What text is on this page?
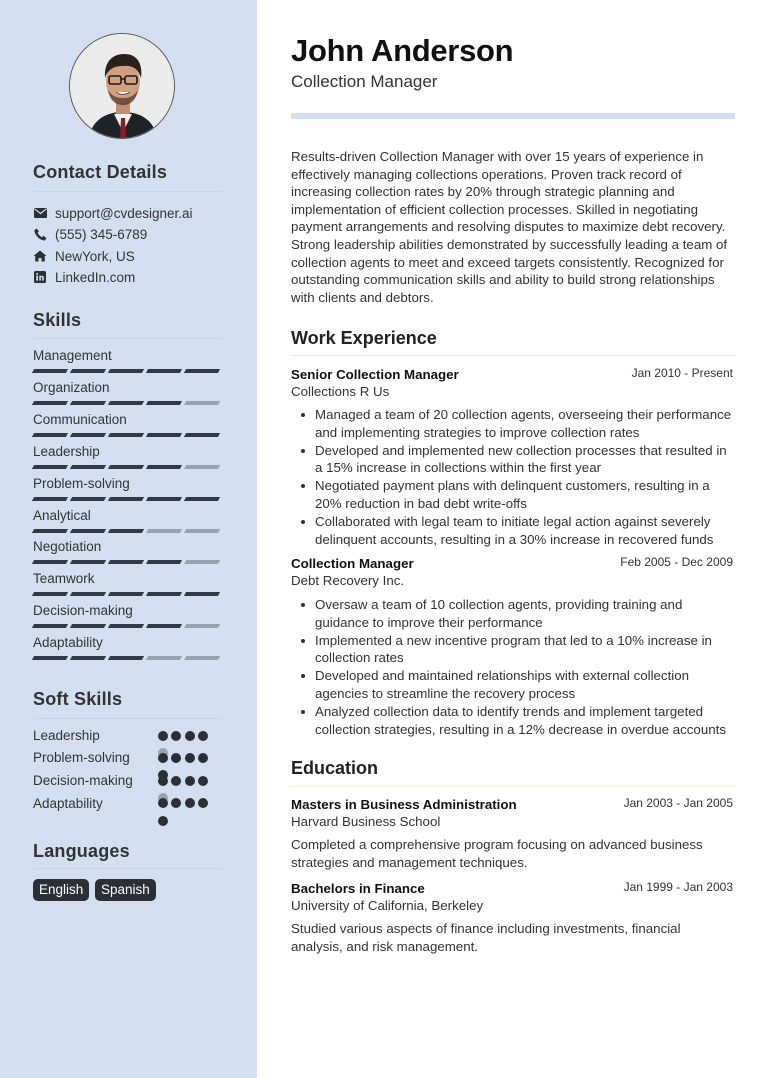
Contact Details
support@cvdesigner.ai
(555) 345-6789
NewYork, US
LinkedIn.com
Skills
Management
Organization
Communication
Leadership
Problem-solving
Analytical
Negotiation
Teamwork
Decision-making
Adaptability
Soft Skills
Leadership
Problem-solving
Decision-making
Adaptability
Languages
English	Spanish
John Anderson
Collection Manager
Results-driven Collection Manager with over 15 years of experience in effectively managing collections operations. Proven track record of increasing collection rates by 20% through strategic planning and implementation of efficient collection processes. Skilled in negotiating payment arrangements and resolving disputes to maximize debt recovery. Strong leadership abilities demonstrated by successfully leading a team of collection agents to meet and exceed targets consistently. Recognized for outstanding communication skills and ability to build strong relationships with clients and debtors.
Work Experience
Senior Collection Manager	Jan 2010 - Present
Collections R Us
Managed a team of 20 collection agents, overseeing their performance and implementing strategies to improve collection rates
Developed and implemented new collection processes that resulted in a 15% increase in collections within the first year
Negotiated payment plans with delinquent customers, resulting in a 20% reduction in bad debt write-offs
Collaborated with legal team to initiate legal action against severely delinquent accounts, resulting in a 30% increase in recovered funds
Collection Manager	Feb 2005 - Dec 2009
Debt Recovery Inc.
Oversaw a team of 10 collection agents, providing training and guidance to improve their performance
Implemented a new incentive program that led to a 10% increase in collection rates
Developed and maintained relationships with external collection agencies to streamline the recovery process
Analyzed collection data to identify trends and implement targeted collection strategies, resulting in a 12% decrease in overdue accounts
Education
Masters in Business Administration	Jan 2003 - Jan 2005
Harvard Business School
Completed a comprehensive program focusing on advanced business strategies and management techniques.
Bachelors in Finance	Jan 1999 - Jan 2003
University of California, Berkeley
Studied various aspects of finance including investments, financial analysis, and risk management.
